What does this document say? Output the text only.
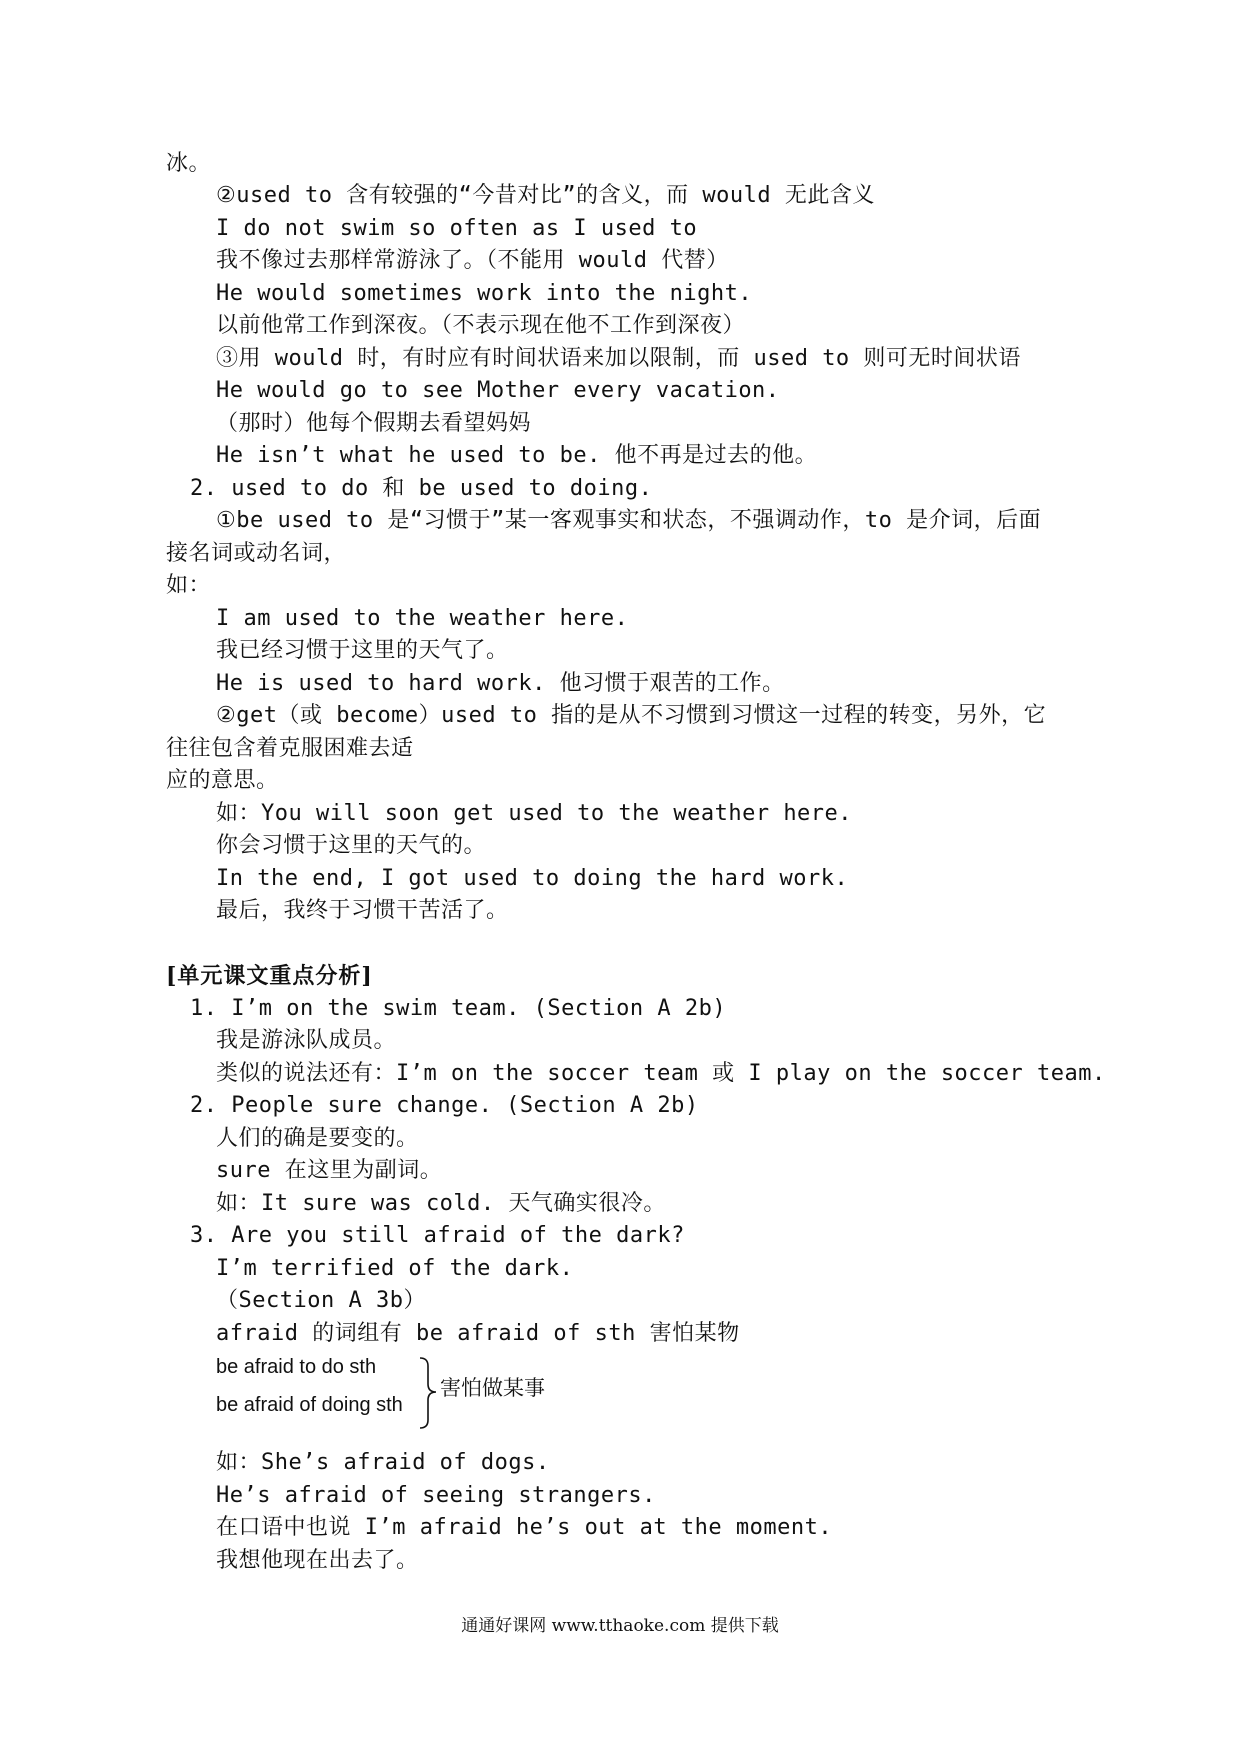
冰。
②used to 含有较强的“今昔对比”的含义，而 would 无此含义
I do not swim so often as I used to
我不像过去那样常游泳了。（不能用 would 代替）
He would sometimes work into the night.
以前他常工作到深夜。（不表示现在他不工作到深夜）
③用 would 时，有时应有时间状语来加以限制，而 used to 则可无时间状语
He would go to see Mother every vacation.
（那时）他每个假期去看望妈妈
He isn’t what he used to be. 他不再是过去的他。
2. used to do 和 be used to doing.
①be used to 是“习惯于”某一客观事实和状态，不强调动作，to 是介词，后面
接名词或动名词，
如：
I am used to the weather here.
我已经习惯于这里的天气了。
He is used to hard work. 他习惯于艰苦的工作。
②get（或 become）used to 指的是从不习惯到习惯这一过程的转变，另外，它
往往包含着克服困难去适
应的意思。
如：You will soon get used to the weather here.
你会习惯于这里的天气的。
In the end, I got used to doing the hard work.
最后，我终于习惯干苦活了。
[单元课文重点分析]
1. I’m on the swim team. (Section A 2b)
我是游泳队成员。
类似的说法还有：I’m on the soccer team 或 I play on the soccer team.
2. People sure change. (Section A 2b)
人们的确是要变的。
sure 在这里为副词。
如：It sure was cold. 天气确实很冷。
3. Are you still afraid of the dark?
I’m terrified of the dark.
（Section A 3b）
afraid 的词组有 be afraid of sth 害怕某物
be afraid to do sth
be afraid of doing sth
害怕做某事
如：She’s afraid of dogs.
He’s afraid of seeing strangers.
在口语中也说 I’m afraid he’s out at the moment.
我想他现在出去了。
通通好课网 www.tthaoke.com 提供下载
